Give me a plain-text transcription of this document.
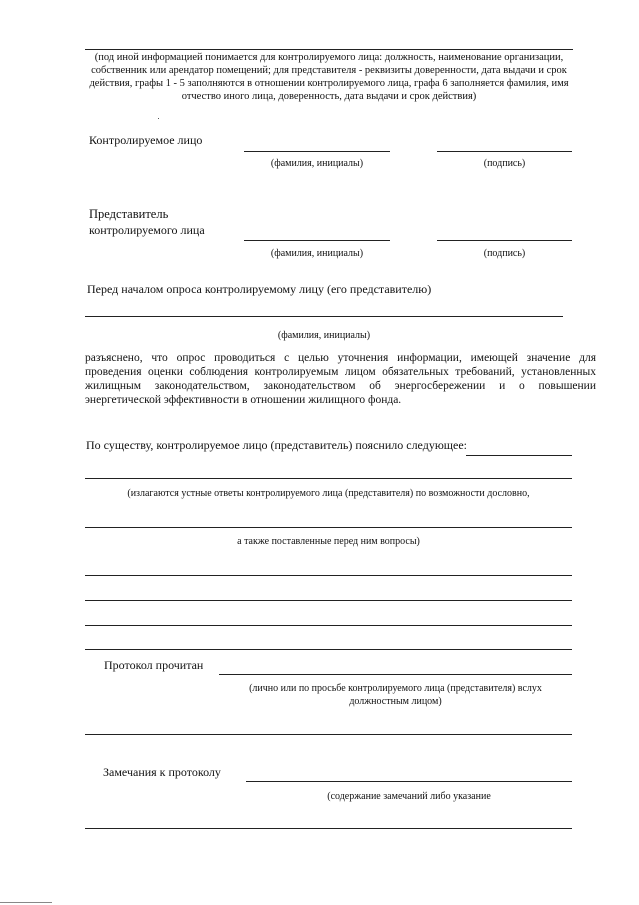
(под иной информацией понимается для контролируемого лица: должность, наименование организации, собственник или арендатор помещений; для представителя - реквизиты доверенности, дата выдачи и срок действия, графы 1 - 5 заполняются в отношении контролируемого лица, графа 6 заполняется фамилия, имя отчество иного лица, доверенность, дата выдачи и срок действия)
Контролируемое лицо
(фамилия, инициалы)	(подпись)
Представитель
контролируемого лица
(фамилия, инициалы)	(подпись)
Перед началом опроса контролируемому лицу (его представителю)
(фамилия, инициалы)
разъяснено, что опрос проводиться с целью уточнения информации, имеющей значение для проведения оценки соблюдения контролируемым лицом обязательных требований, установленных жилищным законодательством, законодательством об энергосбережении и о повышении энергетической эффективности в отношении жилищного фонда.
По существу, контролируемое лицо (представитель) пояснило следующее:
(излагаются устные ответы контролируемого лица (представителя) по возможности дословно,
а также поставленные перед ним вопросы)
Протокол прочитан
(лично или по просьбе контролируемого лица (представителя) вслух
должностным лицом)
Замечания к протоколу
(содержание замечаний либо указание
